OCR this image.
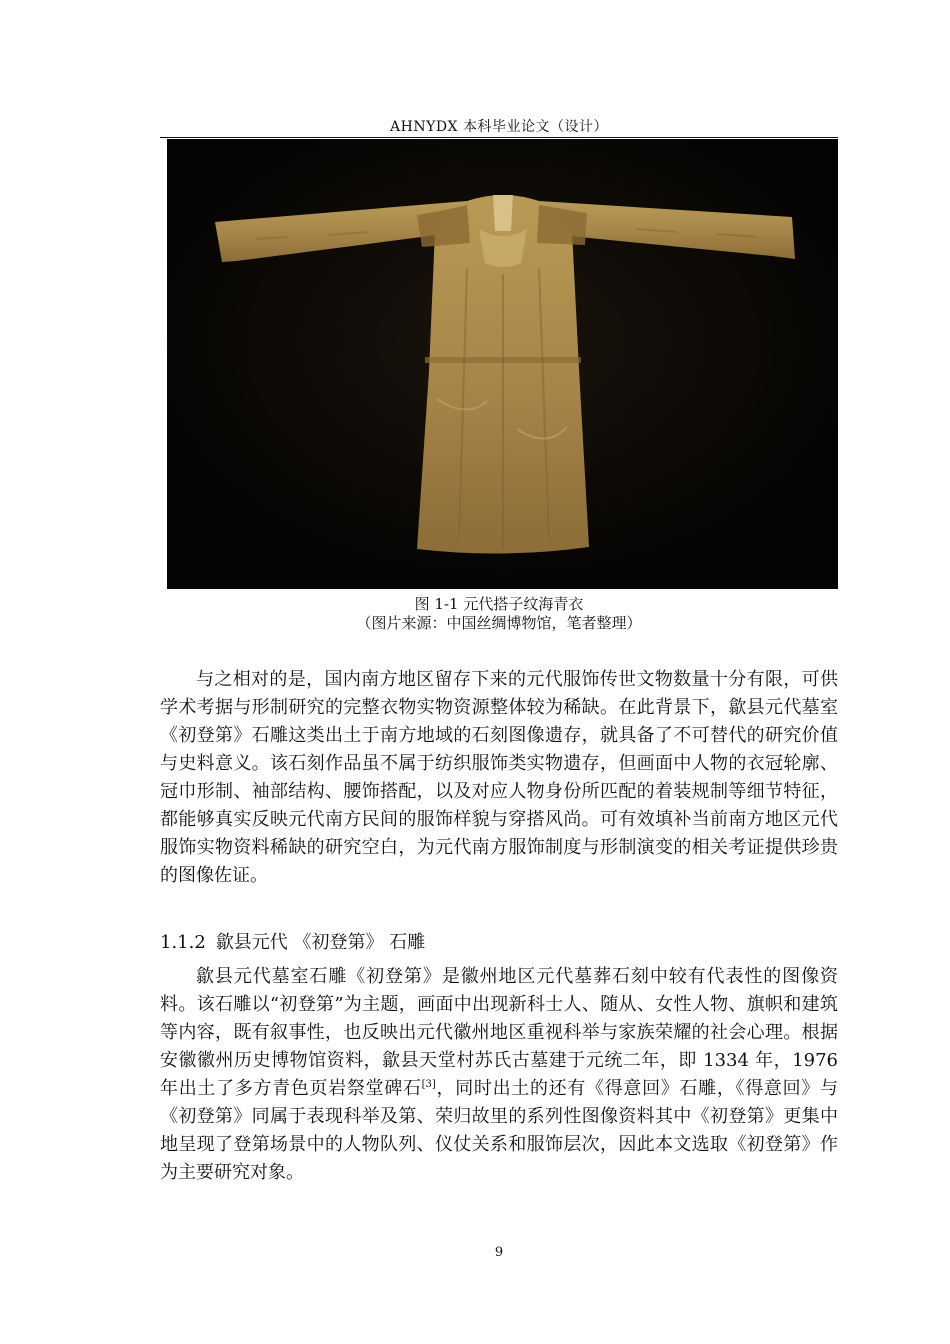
AHNYDX 本科毕业论文（设计）
图 1-1 元代搭子纹海青衣
（图片来源：中国丝绸博物馆，笔者整理）

与之相对的是，国内南方地区留存下来的元代服饰传世文物数量十分有限，可供学术考据与形制研究的完整衣物实物资源整体较为稀缺。在此背景下，歙县元代墓室《初登第》石雕这类出土于南方地域的石刻图像遗存，就具备了不可替代的研究价值与史料意义。该石刻作品虽不属于纺织服饰类实物遗存，但画面中人物的衣冠轮廓、冠巾形制、袖部结构、腰饰搭配，以及对应人物身份所匹配的着装规制等细节特征，都能够真实反映元代南方民间的服饰样貌与穿搭风尚。可有效填补当前南方地区元代服饰实物资料稀缺的研究空白，为元代南方服饰制度与形制演变的相关考证提供珍贵的图像佐证。

1.1.2 歙县元代 《初登第》 石雕

歙县元代墓室石雕《初登第》是徽州地区元代墓葬石刻中较有代表性的图像资料。该石雕以“初登第”为主题，画面中出现新科士人、随从、女性人物、旗帜和建筑等内容，既有叙事性，也反映出元代徽州地区重视科举与家族荣耀的社会心理。根据安徽徽州历史博物馆资料，歙县天堂村苏氏古墓建于元统二年，即 1334 年，1976 年出土了多方青色页岩祭堂碑石[3]，同时出土的还有《得意回》石雕，《得意回》与《初登第》同属于表现科举及第、荣归故里的系列性图像资料其中《初登第》更集中地呈现了登第场景中的人物队列、仪仗关系和服饰层次，因此本文选取《初登第》作为主要研究对象。

9
